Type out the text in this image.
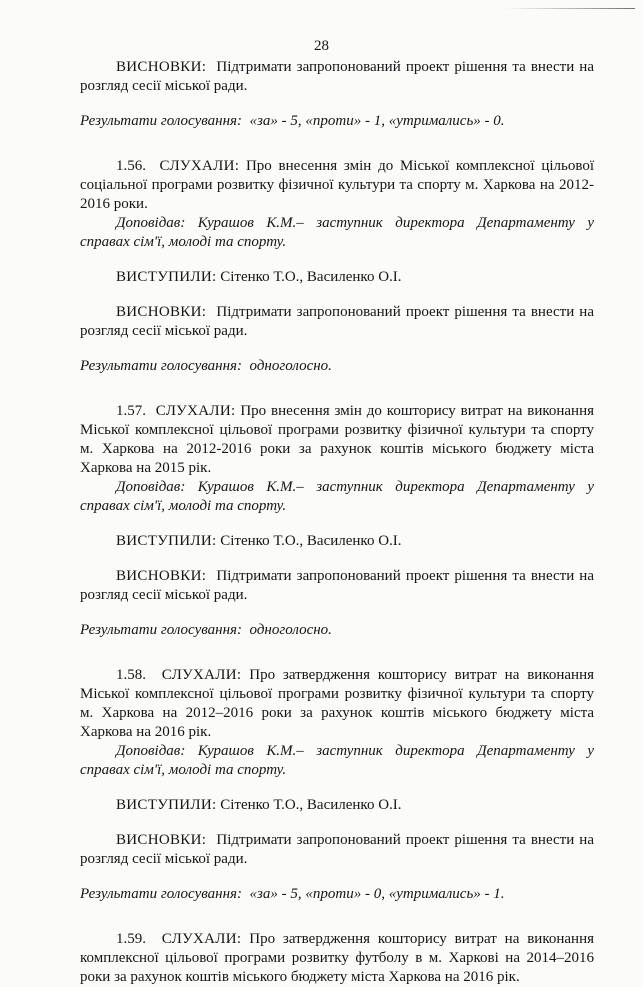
28

ВИСНОВКИ: Підтримати запропонований проект рішення та внести на розгляд сесії міської ради.

Результати голосування: «за» - 5, «проти» - 1, «утримались» - 0.

1.56. СЛУХАЛИ: Про внесення змін до Міської комплексної цільової соціальної програми розвитку фізичної культури та спорту м. Харкова на 2012-2016 роки.

Доповідав: Курашов К.М.– заступник директора Департаменту у справах сім'ї, молоді та спорту.

ВИСТУПИЛИ: Сітенко Т.О., Василенко О.І.

ВИСНОВКИ: Підтримати запропонований проект рішення та внести на розгляд сесії міської ради.

Результати голосування: одноголосно.

1.57. СЛУХАЛИ: Про внесення змін до кошторису витрат на виконання Міської комплексної цільової програми розвитку фізичної культури та спорту м. Харкова на 2012-2016 роки за рахунок коштів міського бюджету міста Харкова на 2015 рік.

Доповідав: Курашов К.М.– заступник директора Департаменту у справах сім'ї, молоді та спорту.

ВИСТУПИЛИ: Сітенко Т.О., Василенко О.І.

ВИСНОВКИ: Підтримати запропонований проект рішення та внести на розгляд сесії міської ради.

Результати голосування: одноголосно.

1.58. СЛУХАЛИ: Про затвердження кошторису витрат на виконання Міської комплексної цільової програми розвитку фізичної культури та спорту м. Харкова на 2012–2016 роки за рахунок коштів міського бюджету міста Харкова на 2016 рік.

Доповідав: Курашов К.М.– заступник директора Департаменту у справах сім'ї, молоді та спорту.

ВИСТУПИЛИ: Сітенко Т.О., Василенко О.І.

ВИСНОВКИ: Підтримати запропонований проект рішення та внести на розгляд сесії міської ради.

Результати голосування: «за» - 5, «проти» - 0, «утримались» - 1.

1.59. СЛУХАЛИ: Про затвердження кошторису витрат на виконання комплексної цільової програми розвитку футболу в м. Харкові на 2014–2016 роки за рахунок коштів міського бюджету міста Харкова на 2016 рік.
